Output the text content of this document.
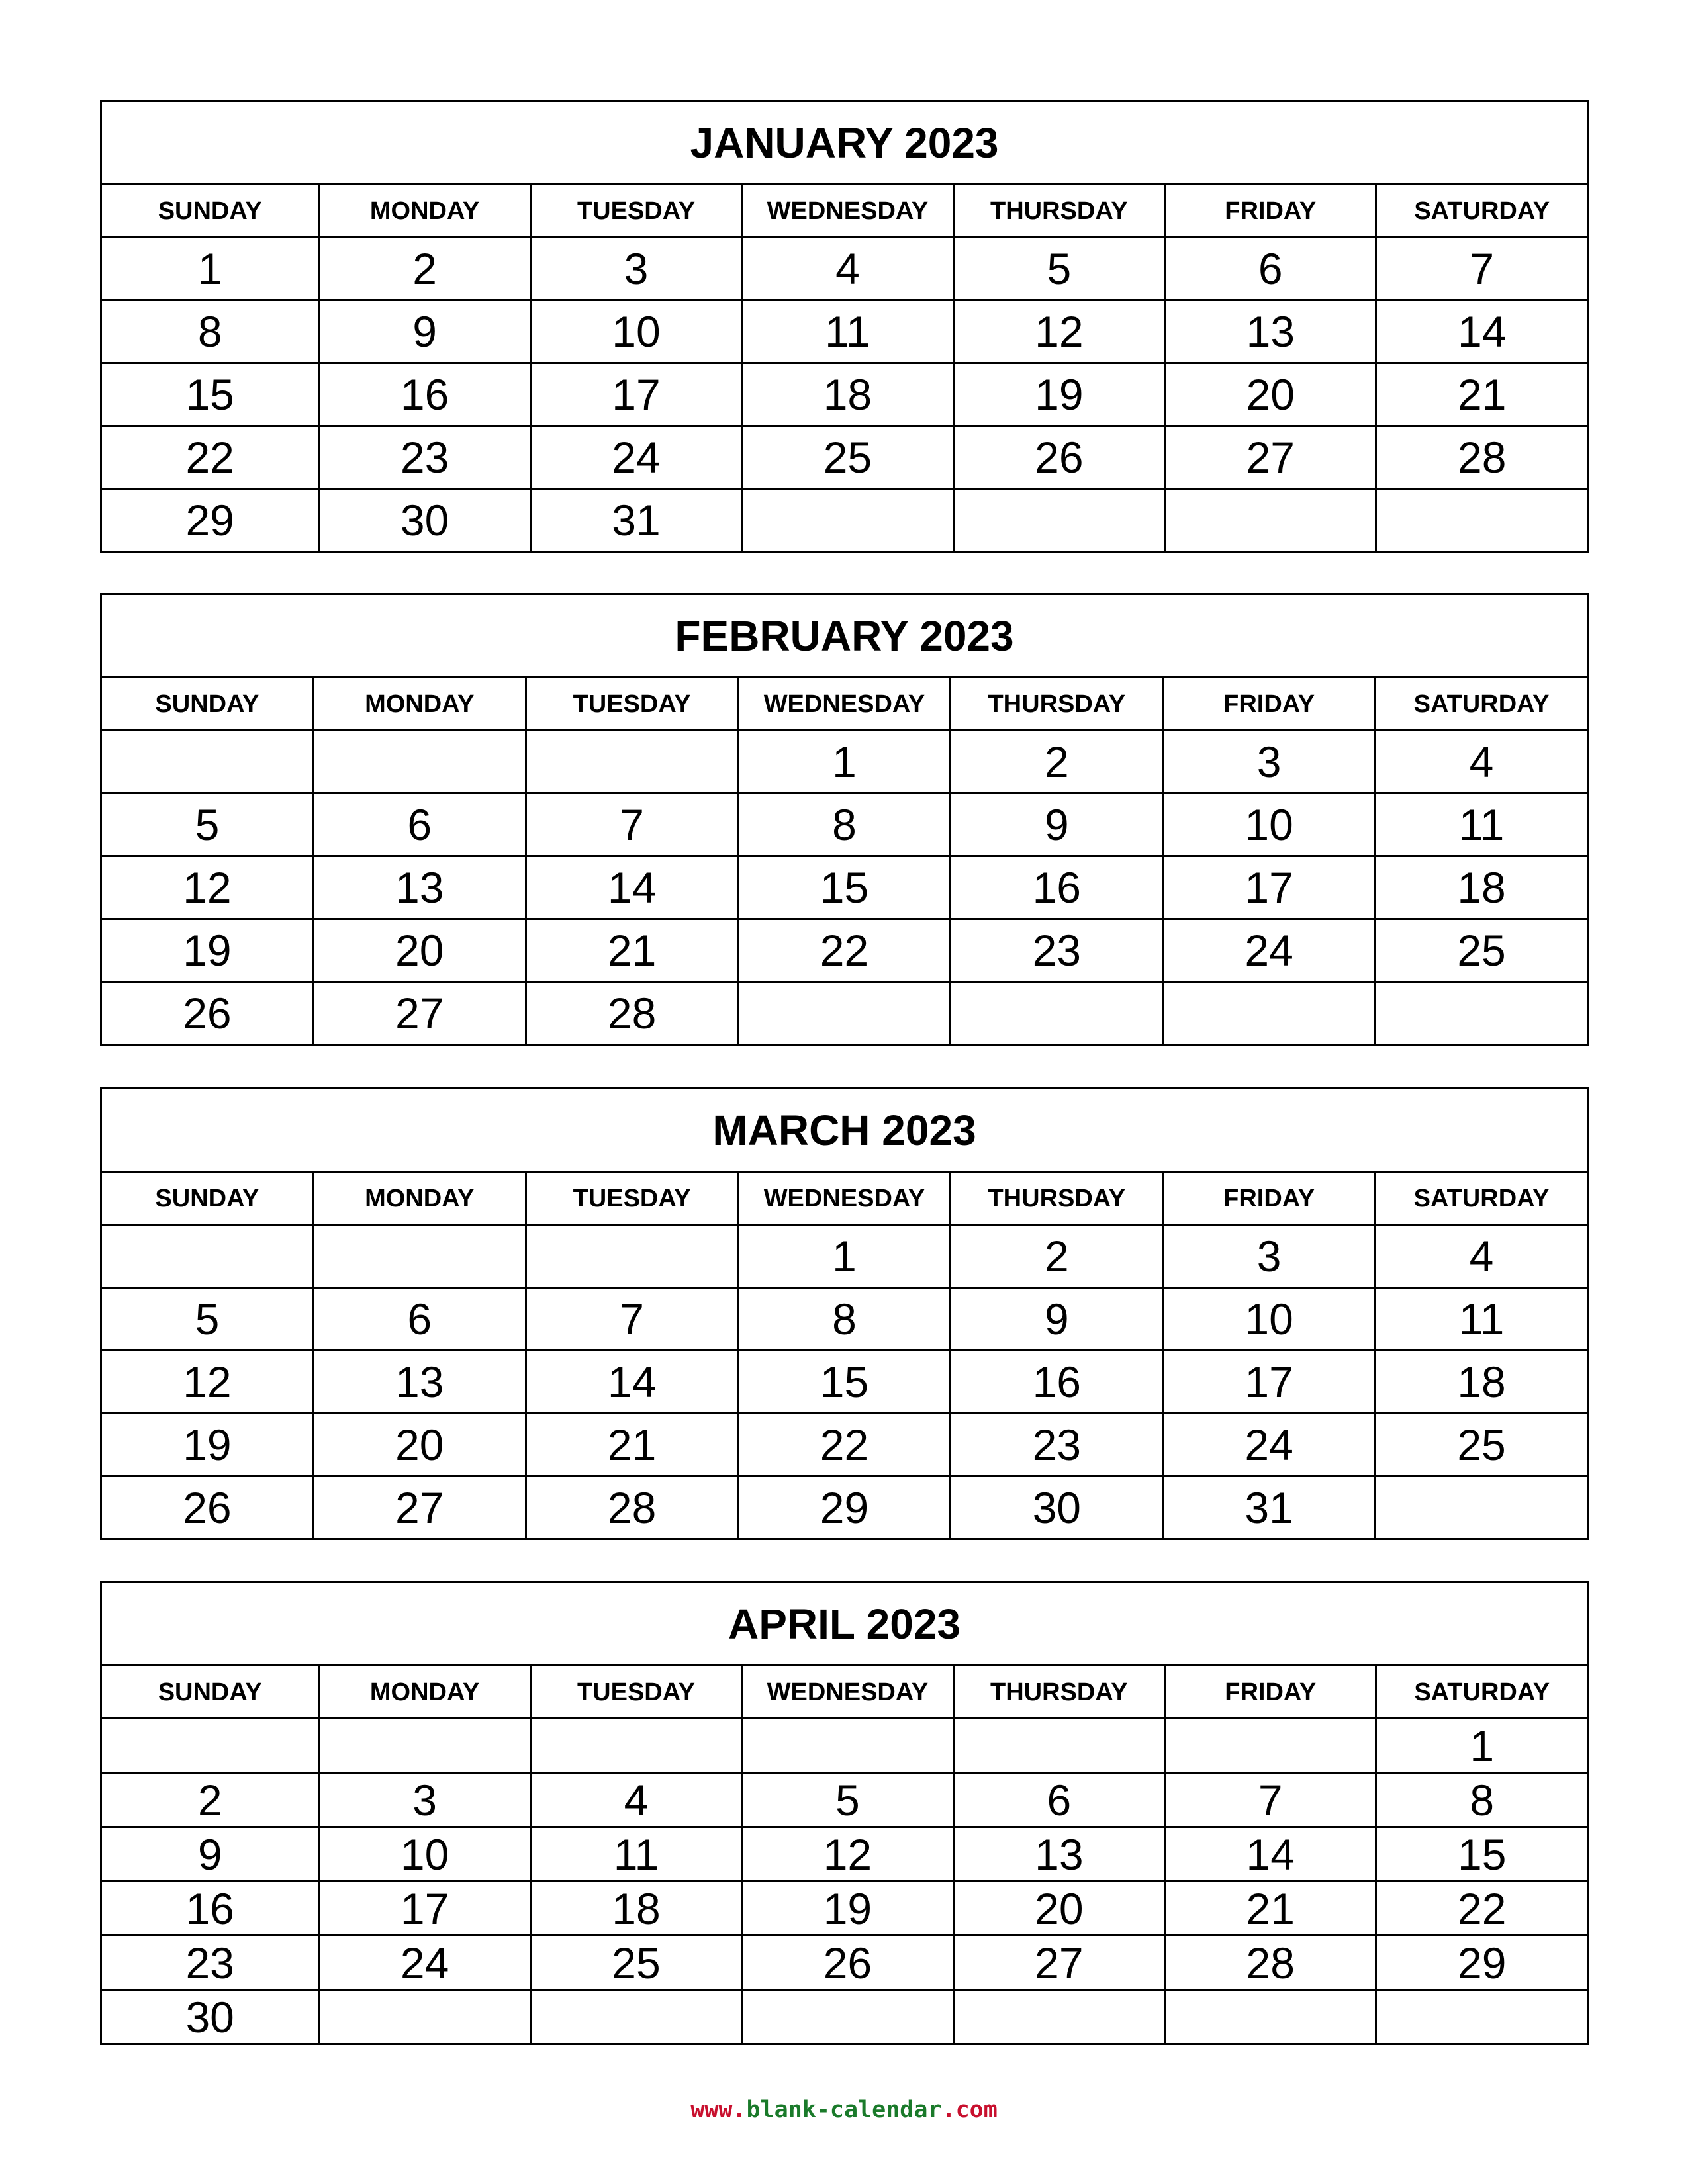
JANUARY 2023						
SUNDAY	MONDAY	TUESDAY	WEDNESDAY	THURSDAY	FRIDAY	SATURDAY
1	2	3	4	5	6	7
8	9	10	11	12	13	14
15	16	17	18	19	20	21
22	23	24	25	26	27	28
29	30	31				
FEBRUARY 2023						
SUNDAY	MONDAY	TUESDAY	WEDNESDAY	THURSDAY	FRIDAY	SATURDAY
			1	2	3	4
5	6	7	8	9	10	11
12	13	14	15	16	17	18
19	20	21	22	23	24	25
26	27	28				
MARCH 2023						
SUNDAY	MONDAY	TUESDAY	WEDNESDAY	THURSDAY	FRIDAY	SATURDAY
			1	2	3	4
5	6	7	8	9	10	11
12	13	14	15	16	17	18
19	20	21	22	23	24	25
26	27	28	29	30	31	
APRIL 2023						
SUNDAY	MONDAY	TUESDAY	WEDNESDAY	THURSDAY	FRIDAY	SATURDAY
						1
2	3	4	5	6	7	8
9	10	11	12	13	14	15
16	17	18	19	20	21	22
23	24	25	26	27	28	29
30						
www.blank-calendar.com
